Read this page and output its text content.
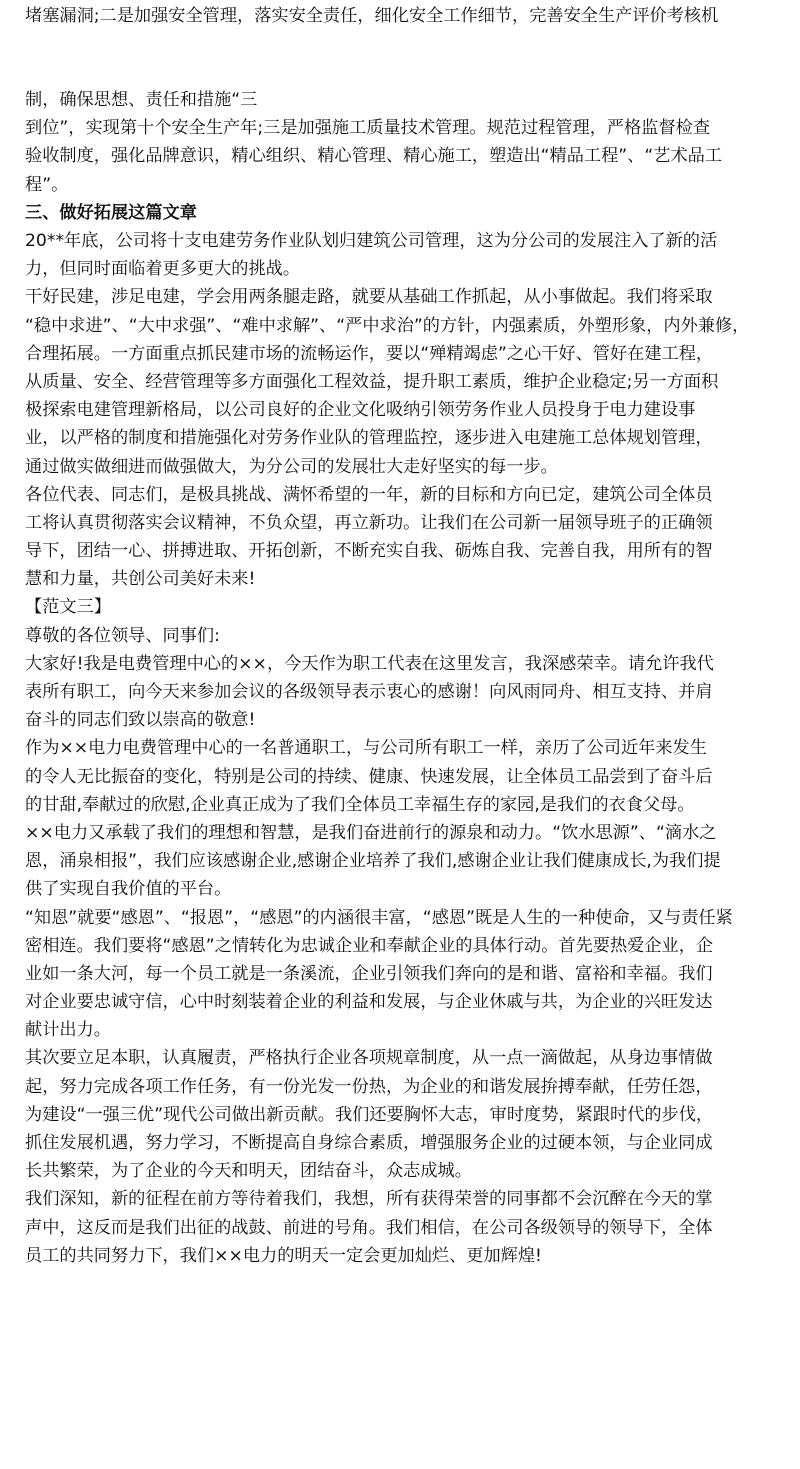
堵塞漏洞;二是加强安全管理，落实安全责任，细化安全工作细节，完善安全生产评价考核机
制，确保思想、责任和措施“三
到位”，实现第十个安全生产年;三是加强施工质量技术管理。规范过程管理，严格监督检查
验收制度，强化品牌意识，精心组织、精心管理、精心施工，塑造出“精品工程”、“艺术品工
程”。
三、做好拓展这篇文章
20**年底，公司将十支电建劳务作业队划归建筑公司管理，这为分公司的发展注入了新的活
力，但同时面临着更多更大的挑战。
干好民建，涉足电建，学会用两条腿走路，就要从基础工作抓起，从小事做起。我们将采取
“稳中求进”、“大中求强”、“难中求解”、“严中求治”的方针，内强素质，外塑形象，内外兼修，
合理拓展。一方面重点抓民建市场的流畅运作，要以“殚精竭虑”之心干好、管好在建工程，
从质量、安全、经营管理等多方面强化工程效益，提升职工素质，维护企业稳定;另一方面积
极探索电建管理新格局，以公司良好的企业文化吸纳引领劳务作业人员投身于电力建设事
业，以严格的制度和措施强化对劳务作业队的管理监控，逐步进入电建施工总体规划管理，
通过做实做细进而做强做大，为分公司的发展壮大走好坚实的每一步。
各位代表、同志们，是极具挑战、满怀希望的一年，新的目标和方向已定，建筑公司全体员
工将认真贯彻落实会议精神，不负众望，再立新功。让我们在公司新一届领导班子的正确领
导下，团结一心、拼搏进取、开拓创新，不断充实自我、砺炼自我、完善自我，用所有的智
慧和力量，共创公司美好未来!
【范文三】
尊敬的各位领导、同事们:
大家好!我是电费管理中心的××，今天作为职工代表在这里发言，我深感荣幸。请允许我代
表所有职工，向今天来参加会议的各级领导表示衷心的感谢！向风雨同舟、相互支持、并肩
奋斗的同志们致以崇高的敬意!
作为××电力电费管理中心的一名普通职工，与公司所有职工一样，亲历了公司近年来发生
的令人无比振奋的变化，特别是公司的持续、健康、快速发展，让全体员工品尝到了奋斗后
的甘甜,奉献过的欣慰,企业真正成为了我们全体员工幸福生存的家园,是我们的衣食父母。
××电力又承载了我们的理想和智慧，是我们奋进前行的源泉和动力。“饮水思源”、“滴水之
恩，涌泉相报”，我们应该感谢企业,感谢企业培养了我们,感谢企业让我们健康成长,为我们提
供了实现自我价值的平台。
“知恩”就要“感恩”、“报恩”，“感恩”的内涵很丰富，“感恩”既是人生的一种使命，又与责任紧
密相连。我们要将“感恩”之情转化为忠诚企业和奉献企业的具体行动。首先要热爱企业，企
业如一条大河，每一个员工就是一条溪流，企业引领我们奔向的是和谐、富裕和幸福。我们
对企业要忠诚守信，心中时刻装着企业的利益和发展，与企业休戚与共，为企业的兴旺发达
献计出力。
其次要立足本职，认真履责，严格执行企业各项规章制度，从一点一滴做起，从身边事情做
起，努力完成各项工作任务，有一份光发一份热，为企业的和谐发展拚搏奉献，任劳任怨，
为建设“一强三优”现代公司做出新贡献。我们还要胸怀大志，审时度势，紧跟时代的步伐，
抓住发展机遇，努力学习，不断提高自身综合素质，增强服务企业的过硬本领，与企业同成
长共繁荣，为了企业的今天和明天，团结奋斗，众志成城。
我们深知，新的征程在前方等待着我们，我想，所有获得荣誉的同事都不会沉醉在今天的掌
声中，这反而是我们出征的战鼓、前进的号角。我们相信，在公司各级领导的领导下，全体
员工的共同努力下，我们××电力的明天一定会更加灿烂、更加辉煌!
